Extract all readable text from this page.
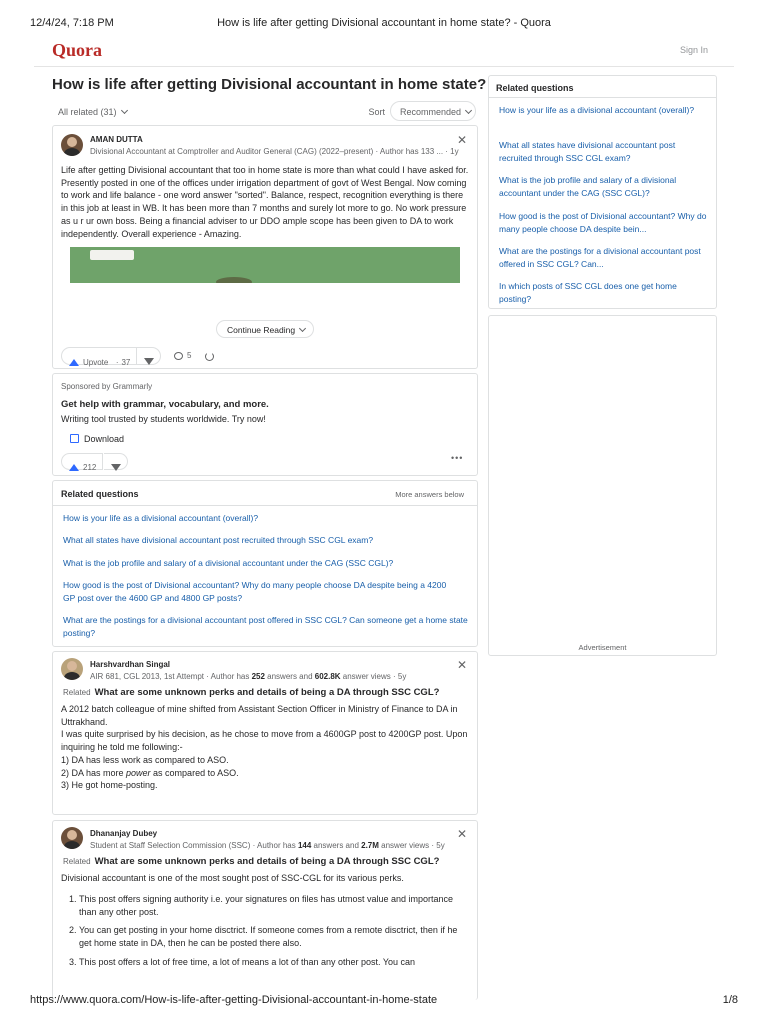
12/4/24, 7:18 PM	How is life after getting Divisional accountant in home state? - Quora
Quora	Sign In
How is life after getting Divisional accountant in home state?
All related (31)	Sort	Recommended
AMAN DUTTA
Divisional Accountant at Comptroller and Auditor General (CAG) (2022–present) · Author has 133 ... · 1y
✕
Life after getting Divisional accountant that too in home state is more than what could I have asked for. Presently posted in one of the offices under irrigation department of govt of West Bengal. Now coming to work and life balance - one word answer "sorted". Balance, respect, recognition everything is there in this job at least in WB. It has been more than 7 months and surely lot more to go. No work pressure as u r ur own boss. Being a financial adviser to ur DDO ample scope has been given to DA to work independently. Overall experience - Amazing.
Continue Reading
Upvote · 37
5
Sponsored by Grammarly
Get help with grammar, vocabulary, and more.
Writing tool trusted by students worldwide. Try now!
Download
212
•••
Related questions	More answers below
How is your life as a divisional accountant (overall)?
What all states have divisional accountant post recruited through SSC CGL exam?
What is the job profile and salary of a divisional accountant under the CAG (SSC CGL)?
How good is the post of Divisional accountant? Why do many people choose DA despite being a 4200 GP post over the 4600 GP and 4800 GP posts?
What are the postings for a divisional accountant post offered in SSC CGL? Can someone get a home state posting?
Harshvardhan Singal
AIR 681, CGL 2013, 1st Attempt · Author has 252 answers and 602.8K answer views · 5y
✕
Related What are some unknown perks and details of being a DA through SSC CGL?

A 2012 batch colleague of mine shifted from Assistant Section Officer in Ministry of Finance to DA in Uttrakhand.

I was quite surprised by his decision, as he chose to move from a 4600GP post to 4200GP post. Upon inquiring he told me following:-

1) DA has less work as compared to ASO.

2) DA has more power as compared to ASO.

3) He got home-posting.

Dhananjay Dubey
Student at Staff Selection Commission (SSC) · Author has 144 answers and 2.7M answer views · 5y
✕
Related What are some unknown perks and details of being a DA through SSC CGL?
Divisional accountant is one of the most sought post of SSC-CGL for its various perks.
1. This post offers signing authority i.e. your signatures on files has utmost value and importance than any other post.
2. You can get posting in your home disctrict. If someone comes from a remote disctrict, then if he get home state in DA, then he can be posted there also.
3. This post offers a lot of free time, a lot of means a lot of than any other post. You can
Related questions
How is your life as a divisional accountant (overall)?
What all states have divisional accountant post recruited through SSC CGL exam?
What is the job profile and salary of a divisional accountant under the CAG (SSC CGL)?
How good is the post of Divisional accountant? Why do many people choose DA despite bein...
What are the postings for a divisional accountant post offered in SSC CGL? Can...
In which posts of SSC CGL does one get home posting?
Advertisement
https://www.quora.com/How-is-life-after-getting-Divisional-accountant-in-home-state	1/8
